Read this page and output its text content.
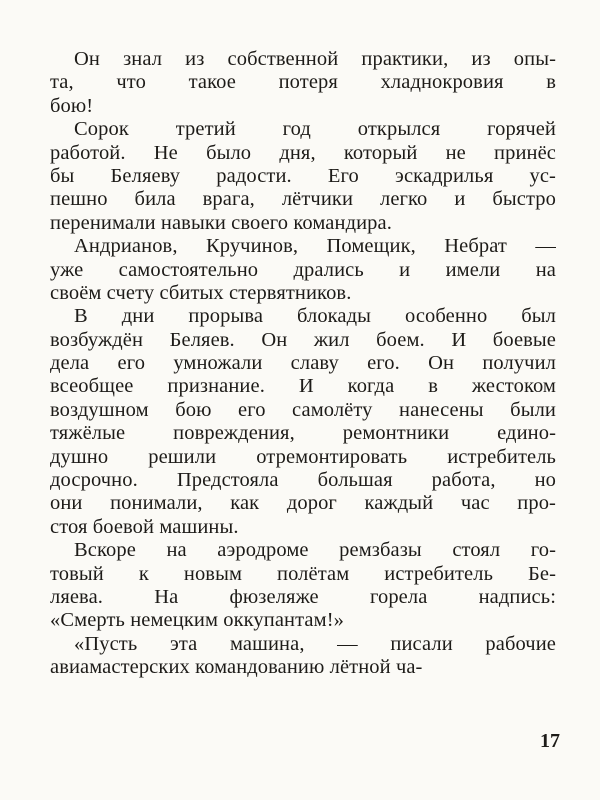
Он знал из собственной практики, из опы-
та, что такое потеря хладнокровия в
бою!
Сорок третий год открылся горячей
работой. Не было дня, который не принёс
бы Беляеву радости. Его эскадрилья ус-
пешно била врага, лётчики легко и быстро
перенимали навыки своего командира.
Андрианов, Кручинов, Помещик, Небрат —
уже самостоятельно дрались и имели на
своём счету сбитых стервятников.
В дни прорыва блокады особенно был
возбуждён Беляев. Он жил боем. И боевые
дела его умножали славу его. Он получил
всеобщее признание. И когда в жестоком
воздушном бою его самолёту нанесены были
тяжёлые повреждения, ремонтники едино-
душно решили отремонтировать истребитель
досрочно. Предстояла большая работа, но
они понимали, как дорог каждый час про-
стоя боевой машины.
Вскоре на аэродроме ремзбазы стоял го-
товый к новым полётам истребитель Бе-
ляева. На фюзеляже горела надпись:
«Смерть немецким оккупантам!»
«Пусть эта машина, — писали рабочие
авиамастерских командованию лётной ча-
17
